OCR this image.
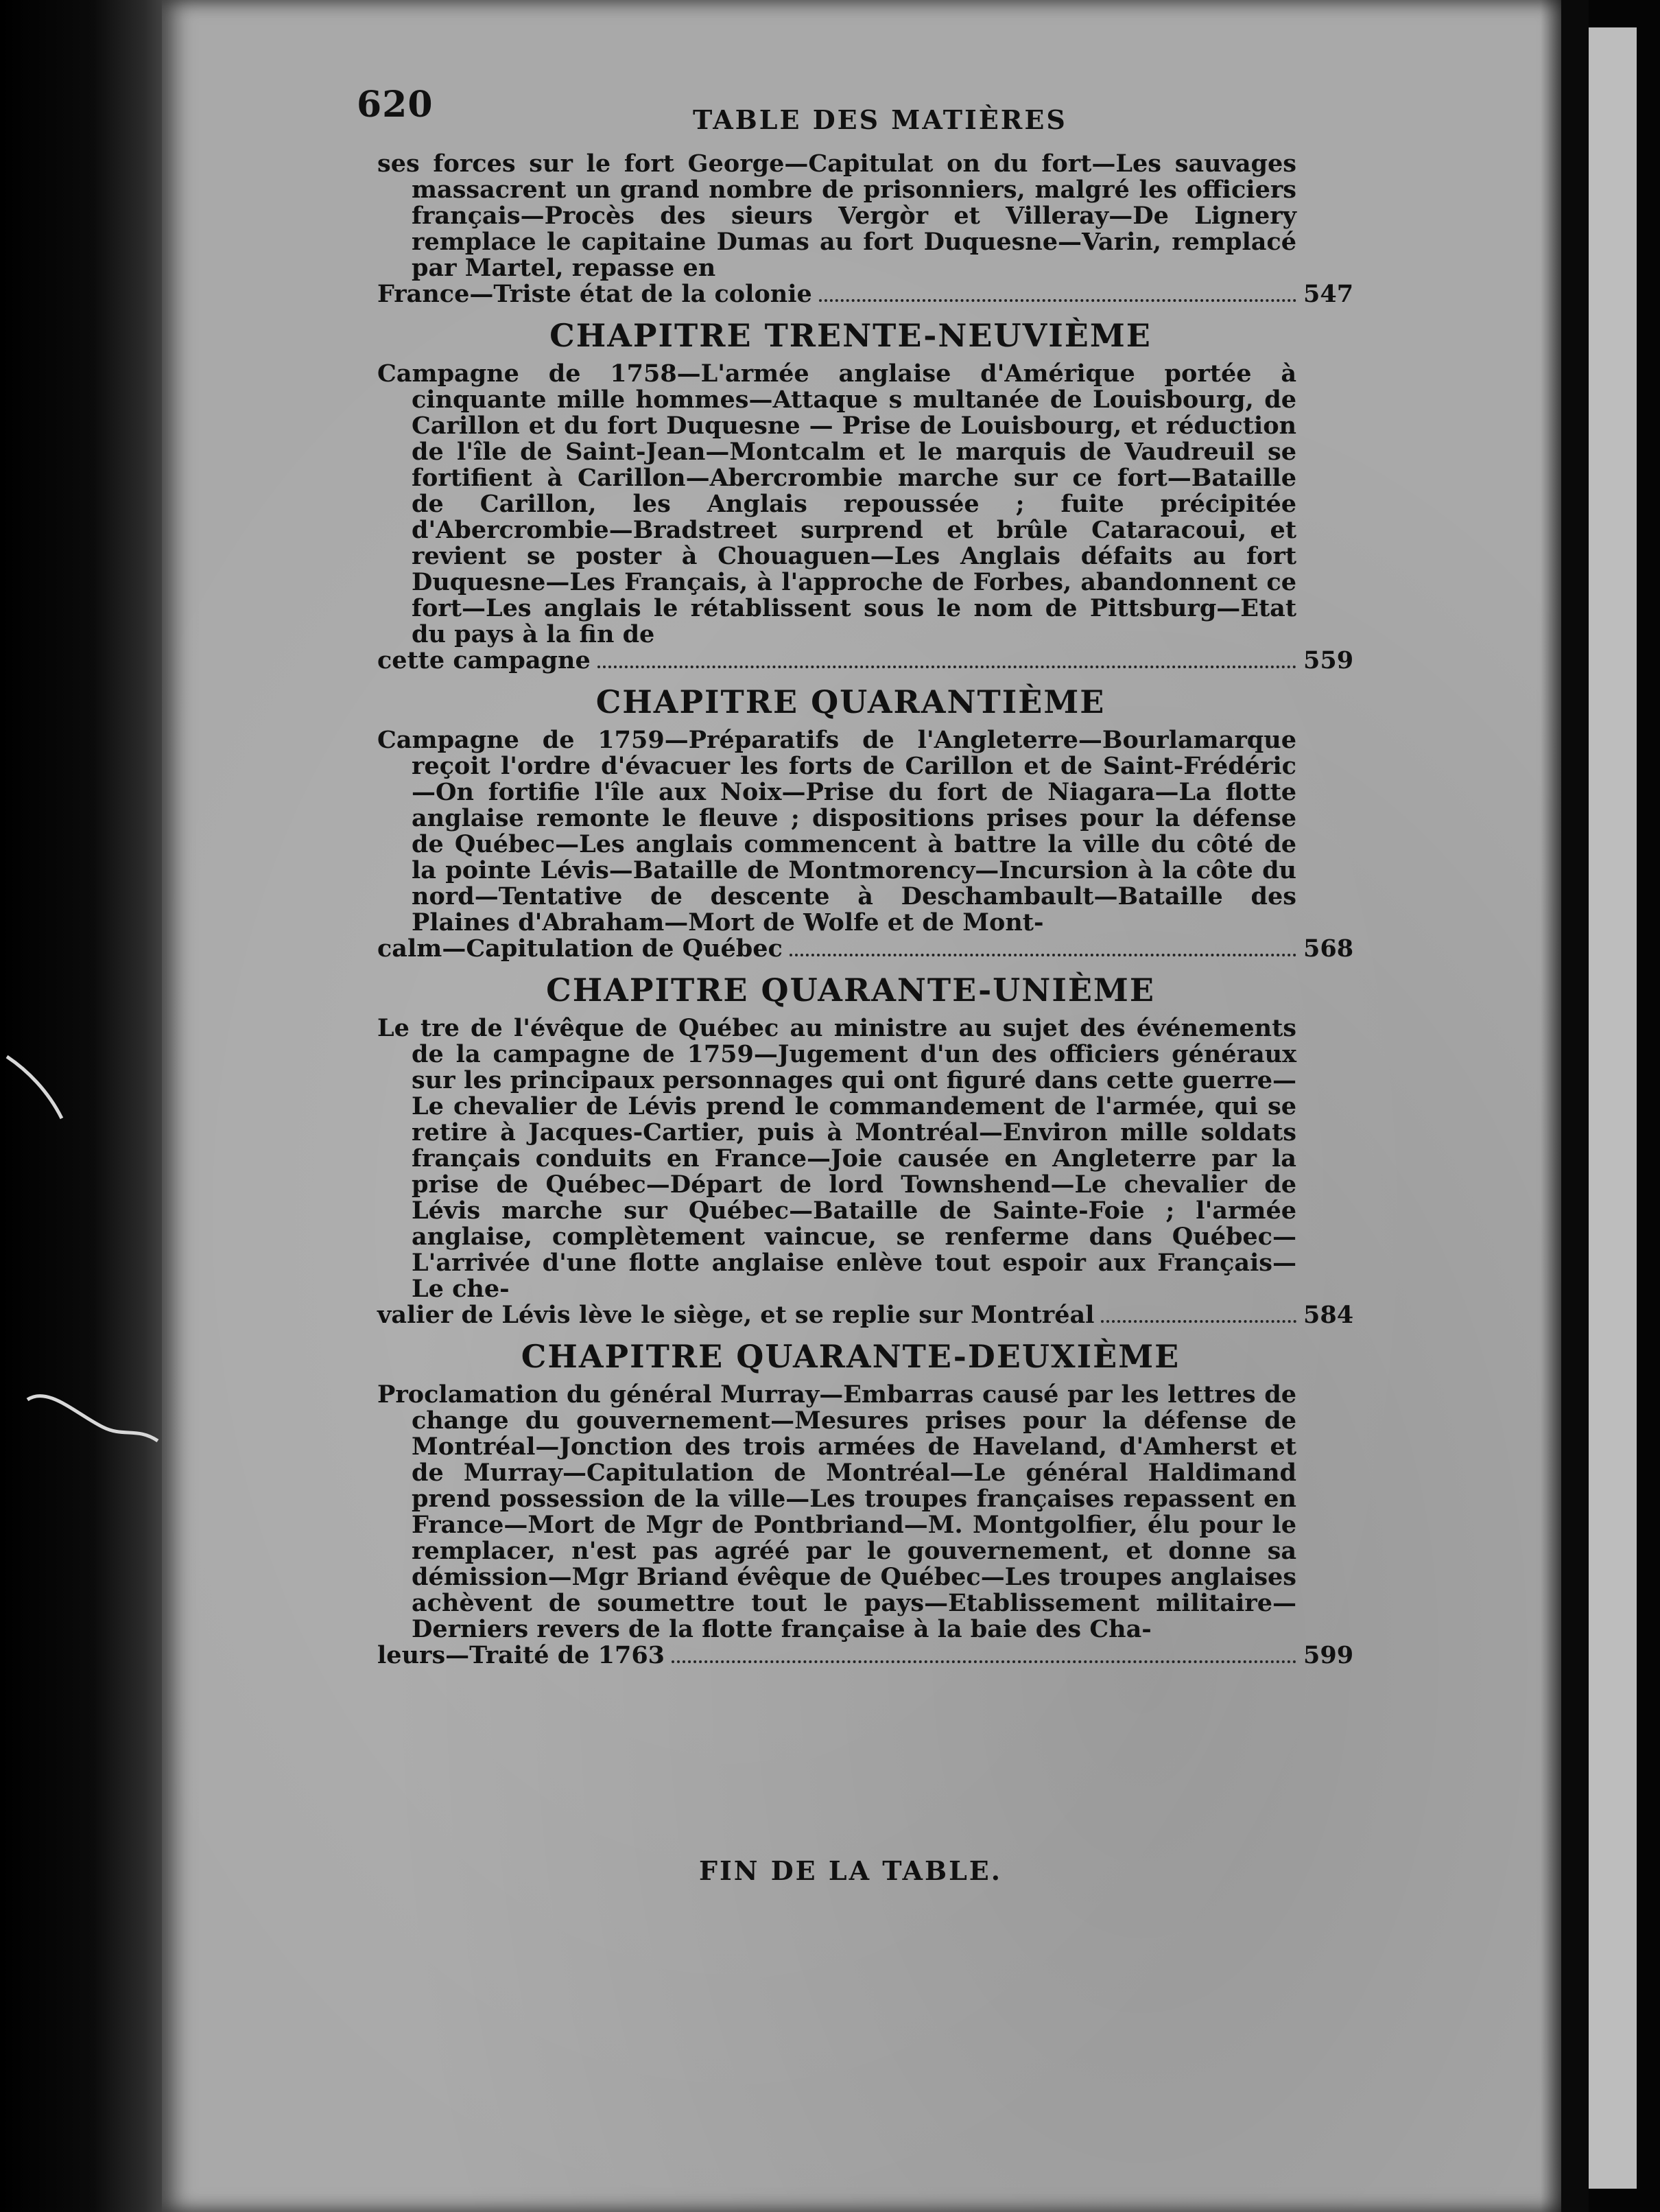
620	TABLE DES MATIÈRES
ses forces sur le fort George—Capitulat on du fort—Les sauvages massacrent un grand nombre de prisonniers, malgré les officiers français—Procès des sieurs Vergòr et Villeray—De Lignery remplace le capitaine Dumas au fort Duquesne—Varin, remplacé par Martel, repasse en
France—Triste état de la colonie	547
CHAPITRE TRENTE-NEUVIÈME
Campagne de 1758—L'armée anglaise d'Amérique portée à cinquante mille hommes—Attaque s multanée de Louisbourg, de Carillon et du fort Duquesne — Prise de Louisbourg, et réduction de l'île de Saint-Jean—Montcalm et le marquis de Vaudreuil se fortifient à Carillon—Abercrombie marche sur ce fort—Bataille de Carillon, les Anglais repoussée ; fuite précipitée d'Abercrombie—Bradstreet surprend et brûle Cataracoui, et revient se poster à Chouaguen—Les Anglais défaits au fort Duquesne—Les Français, à l'approche de Forbes, abandonnent ce fort—Les anglais le rétablissent sous le nom de Pittsburg—Etat du pays à la fin de
cette campagne	559
CHAPITRE QUARANTIÈME
Campagne de 1759—Préparatifs de l'Angleterre—Bourlamarque reçoit l'ordre d'évacuer les forts de Carillon et de Saint-Frédéric—On fortifie l'île aux Noix—Prise du fort de Niagara—La flotte anglaise remonte le fleuve ; dispositions prises pour la défense de Québec—Les anglais commencent à battre la ville du côté de la pointe Lévis—Bataille de Montmorency—Incursion à la côte du nord—Tentative de descente à Deschambault—Bataille des Plaines d'Abraham—Mort de Wolfe et de Mont-
calm—Capitulation de Québec	568
CHAPITRE QUARANTE-UNIÈME
Le tre de l'évêque de Québec au ministre au sujet des événements de la campagne de 1759—Jugement d'un des officiers généraux sur les principaux personnages qui ont figuré dans cette guerre—Le chevalier de Lévis prend le commandement de l'armée, qui se retire à Jacques-Cartier, puis à Montréal—Environ mille soldats français conduits en France—Joie causée en Angleterre par la prise de Québec—Départ de lord Townshend—Le chevalier de Lévis marche sur Québec—Bataille de Sainte-Foie ; l'armée anglaise, complètement vaincue, se renferme dans Québec—L'arrivée d'une flotte anglaise enlève tout espoir aux Français—Le che-
valier de Lévis lève le siège, et se replie sur Montréal	584
CHAPITRE QUARANTE-DEUXIÈME
Proclamation du général Murray—Embarras causé par les lettres de change du gouvernement—Mesures prises pour la défense de Montréal—Jonction des trois armées de Haveland, d'Amherst et de Murray—Capitulation de Montréal—Le général Haldimand prend possession de la ville—Les troupes françaises repassent en France—Mort de Mgr de Pontbriand—M. Montgolfier, élu pour le remplacer, n'est pas agréé par le gouvernement, et donne sa démission—Mgr Briand évêque de Québec—Les troupes anglaises achèvent de soumettre tout le pays—Etablissement militaire—Derniers revers de la flotte française à la baie des Cha-
leurs—Traité de 1763	599
FIN DE LA TABLE.
